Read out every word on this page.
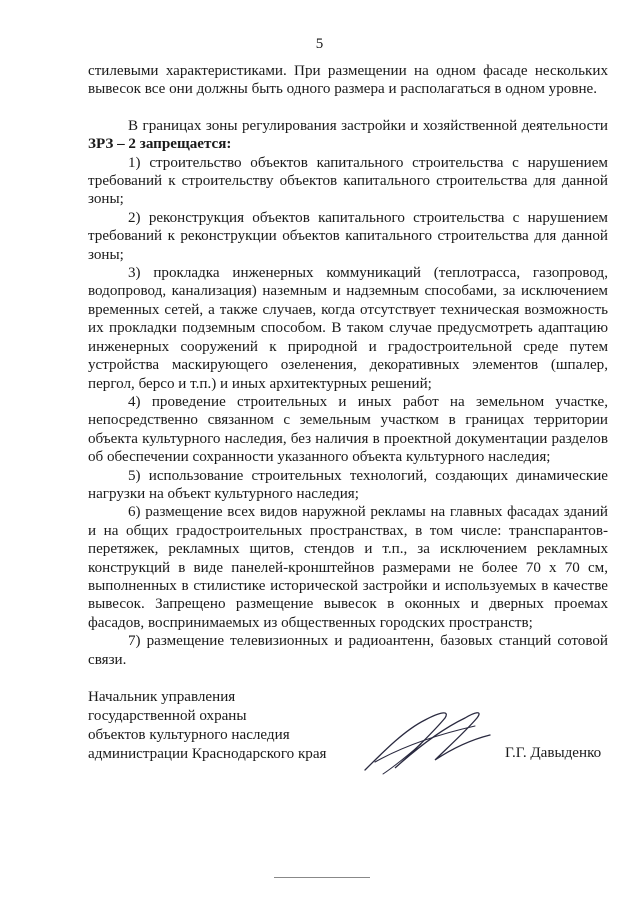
5

стилевыми характеристиками. При размещении на одном фасаде нескольких вывесок все они должны быть одного размера и располагаться в одном уровне.

В границах зоны регулирования застройки и хозяйственной деятельности ЗРЗ – 2 запрещается:

1) строительство объектов капитального строительства с нарушением требований к строительству объектов капитального строительства для данной зоны;

2) реконструкция объектов капитального строительства с нарушением требований к реконструкции объектов капитального строительства для данной зоны;

3) прокладка инженерных коммуникаций (теплотрасса, газопровод, водопровод, канализация) наземным и надземным способами, за исключением временных сетей, а также случаев, когда отсутствует техническая возможность их прокладки подземным способом. В таком случае предусмотреть адаптацию инженерных сооружений к природной и градостроительной среде путем устройства маскирующего озеленения, декоративных элементов (шпалер, пергол, берсо и т.п.) и иных архитектурных решений;

4) проведение строительных и иных работ на земельном участке, непосредственно связанном с земельным участком в границах территории объекта культурного наследия, без наличия в проектной документации разделов об обеспечении сохранности указанного объекта культурного наследия;

5) использование строительных технологий, создающих динамические нагрузки на объект культурного наследия;

6) размещение всех видов наружной рекламы на главных фасадах зданий и на общих градостроительных пространствах, в том числе: транспарантов-перетяжек, рекламных щитов, стендов и т.п., за исключением рекламных конструкций в виде панелей-кронштейнов размерами не более 70 х 70 см, выполненных в стилистике исторической застройки и используемых в качестве вывесок. Запрещено размещение вывесок в оконных и дверных проемах фасадов, воспринимаемых из общественных городских пространств;

7) размещение телевизионных и радиоантенн, базовых станций сотовой связи.

Начальник управления
государственной охраны
объектов культурного наследия
администрации Краснодарского края	Г.Г. Давыденко
